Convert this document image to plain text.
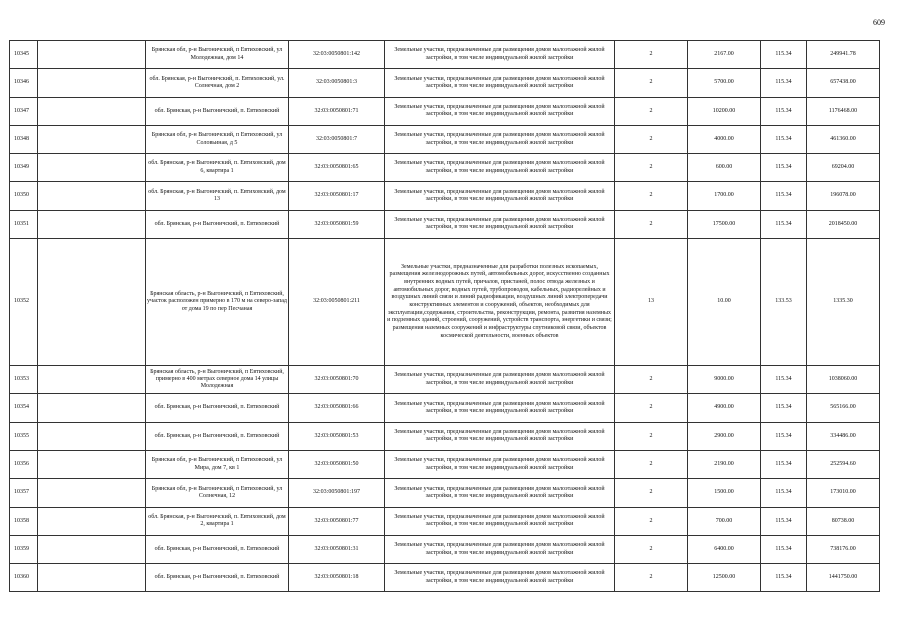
609
10345		Брянская обл, р-н Выгоничский, п Евтиховский, ул Молодежная, дом 14	32:03:0050801:142	Земельные участки, предназначенные для размещения домов малоэтажной жилой застройки, в том числе индивидуальной жилой застройки	2	2167.00	115.34	249941.78
10346		обл. Брянская, р-н Выгоничский, п. Евтиховский, ул. Солнечная, дом 2	32:03:0050801:3	Земельные участки, предназначенные для размещения домов малоэтажной жилой застройки, в том числе индивидуальной жилой застройки	2	5700.00	115.34	657438.00
10347		обл. Брянская, р-н Выгоничский, п. Евтиховский	32:03:0050801:71	Земельные участки, предназначенные для размещения домов малоэтажной жилой застройки, в том числе индивидуальной жилой застройки	2	10200.00	115.34	1176468.00
10348		Брянская обл, р-н Выгоничский, п Евтиховский, ул Соловьиная, д 5	32:03:0050801:7	Земельные участки, предназначенные для размещения домов малоэтажной жилой застройки, в том числе индивидуальной жилой застройки	2	4000.00	115.34	461360.00
10349		обл. Брянская, р-н Выгоничский, п. Евтиховский, дом 6, квартира 1	32:03:0050801:65	Земельные участки, предназначенные для размещения домов малоэтажной жилой застройки, в том числе индивидуальной жилой застройки	2	600.00	115.34	69204.00
10350		обл. Брянская, р-н Выгоничский, п. Евтиховский, дом 13	32:03:0050801:17	Земельные участки, предназначенные для размещения домов малоэтажной жилой застройки, в том числе индивидуальной жилой застройки	2	1700.00	115.34	196078.00
10351		обл. Брянская, р-н Выгоничский, п. Евтиховский	32:03:0050801:59	Земельные участки, предназначенные для размещения домов малоэтажной жилой застройки, в том числе индивидуальной жилой застройки	2	17500.00	115.34	2018450.00
10352		Брянская область, р-н Выгоничский, п Евтиховский, участок расположен примерно в 170 м на северо-запад от дома 19 по пер Песчаная	32:03:0050801:211	Земельные участки, предназначенные для разработки полезных ископаемых, размещения железнодорожных путей, автомобильных дорог, искусственно созданных внутренних водных путей, причалов, пристаней, полос отвода железных и автомобильных дорог, водных путей, трубопроводов, кабельных, радиорелейных и воздушных линий связи и линий радиофикации, воздушных линий электропередачи конструктивных элементов и сооружений, объектов, необходимых для эксплуатации,содержания, строительства, реконструкции, ремонта, развития наземных и подземных зданий, строений, сооружений, устройств транспорта, энергетики и связи; размещения наземных сооружений и инфраструктуры спутниковой связи, объектов космической деятельности, военных объектов	13	10.00	133.53	1335.30
10353		Брянская область, р-н Выгоничский, п Евтиховский, примерно в 400 метрах северное дома 14 улицы Молодежная	32:03:0050801:70	Земельные участки, предназначенные для размещения домов малоэтажной жилой застройки, в том числе индивидуальной жилой застройки	2	9000.00	115.34	1038060.00
10354		обл. Брянская, р-н Выгоничский, п. Евтиховский	32:03:0050801:66	Земельные участки, предназначенные для размещения домов малоэтажной жилой застройки, в том числе индивидуальной жилой застройки	2	4900.00	115.34	565166.00
10355		обл. Брянская, р-н Выгоничский, п. Евтиховский	32:03:0050801:53	Земельные участки, предназначенные для размещения домов малоэтажной жилой застройки, в том числе индивидуальной жилой застройки	2	2900.00	115.34	334486.00
10356		Брянская обл, р-н Выгоничский, п Евтиховский, ул Мира, дом 7, кв 1	32:03:0050801:50	Земельные участки, предназначенные для размещения домов малоэтажной жилой застройки, в том числе индивидуальной жилой застройки	2	2190.00	115.34	252594.60
10357		Брянская обл, р-н Выгоничский, п Евтиховский, ул Солнечная, 12	32:03:0050801:197	Земельные участки, предназначенные для размещения домов малоэтажной жилой застройки, в том числе индивидуальной жилой застройки	2	1500.00	115.34	173010.00
10358		обл. Брянская, р-н Выгоничский, п. Евтиховский, дом 2, квартира 1	32:03:0050801:77	Земельные участки, предназначенные для размещения домов малоэтажной жилой застройки, в том числе индивидуальной жилой застройки	2	700.00	115.34	80738.00
10359		обл. Брянская, р-н Выгоничский, п. Евтиховский	32:03:0050801:31	Земельные участки, предназначенные для размещения домов малоэтажной жилой застройки, в том числе индивидуальной жилой застройки	2	6400.00	115.34	738176.00
10360		обл. Брянская, р-н Выгоничский, п. Евтиховский	32:03:0050801:18	Земельные участки, предназначенные для размещения домов малоэтажной жилой застройки, в том числе индивидуальной жилой застройки	2	12500.00	115.34	1441750.00
